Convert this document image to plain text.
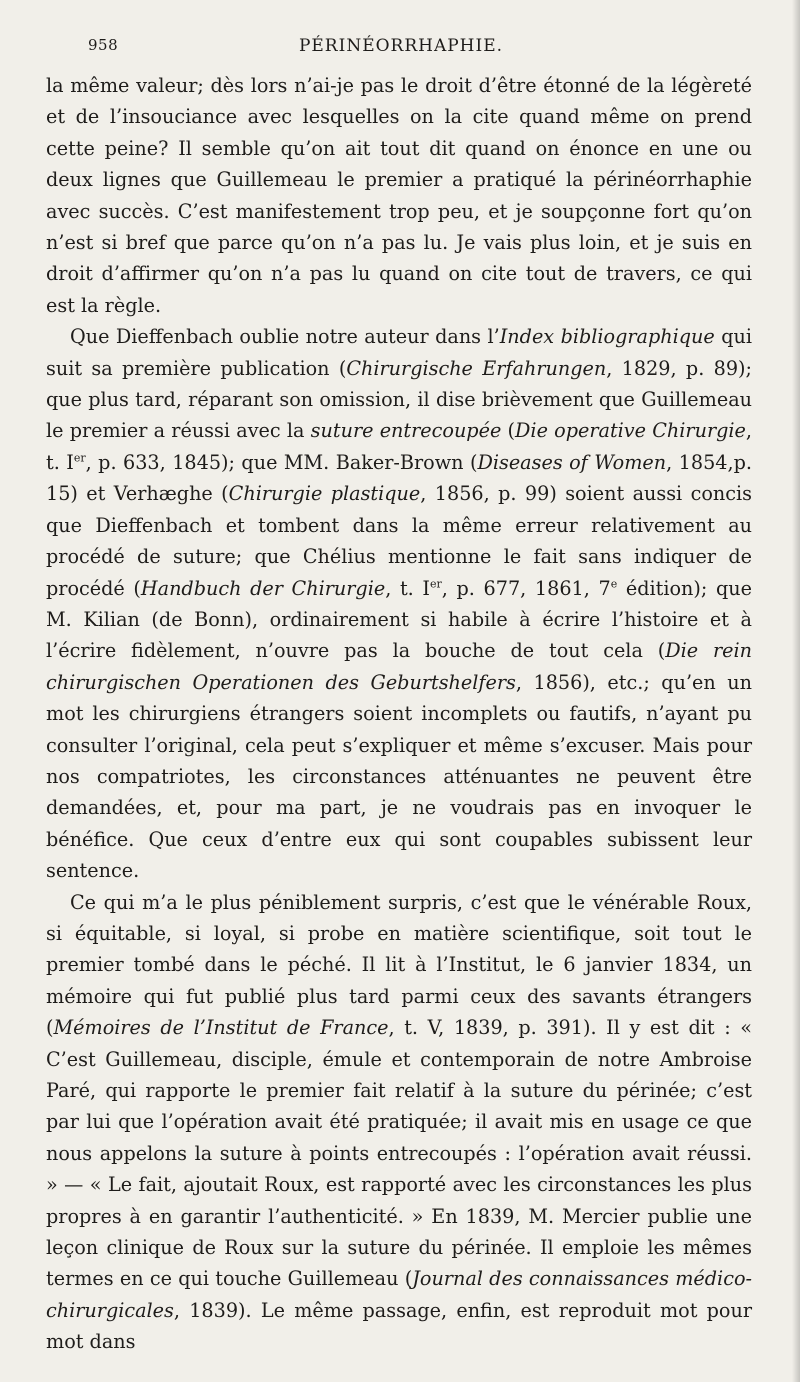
958	PÉRINÉORRHAPHIE.

la même valeur; dès lors n’ai-je pas le droit d’être étonné de la légèreté et de l’insouciance avec lesquelles on la cite quand même on prend cette peine? Il semble qu’on ait tout dit quand on énonce en une ou deux lignes que Guillemeau le premier a pratiqué la périnéorrhaphie avec succès. C’est manifestement trop peu, et je soupçonne fort qu’on n’est si bref que parce qu’on n’a pas lu. Je vais plus loin, et je suis en droit d’affirmer qu’on n’a pas lu quand on cite tout de travers, ce qui est la règle.

Que Dieffenbach oublie notre auteur dans l’Index bibliographique qui suit sa première publication (Chirurgische Erfahrungen, 1829, p. 89); que plus tard, réparant son omission, il dise brièvement que Guillemeau le premier a réussi avec la suture entrecoupée (Die operative Chirurgie, t. Ier, p. 633, 1845); que MM. Baker-Brown (Diseases of Women, 1854,p. 15) et Verhæghe (Chirurgie plastique, 1856, p. 99) soient aussi concis que Dieffenbach et tombent dans la même erreur relativement au procédé de suture; que Chélius mentionne le fait sans indiquer de procédé (Handbuch der Chirurgie, t. Ier, p. 677, 1861, 7e édition); que M. Kilian (de Bonn), ordinairement si habile à écrire l’histoire et à l’écrire fidèlement, n’ouvre pas la bouche de tout cela (Die rein chirurgischen Operationen des Geburtshelfers, 1856), etc.; qu’en un mot les chirurgiens étrangers soient incomplets ou fautifs, n’ayant pu consulter l’original, cela peut s’expliquer et même s’excuser. Mais pour nos compatriotes, les circonstances atténuantes ne peuvent être demandées, et, pour ma part, je ne voudrais pas en invoquer le bénéfice. Que ceux d’entre eux qui sont coupables subissent leur sentence.

Ce qui m’a le plus péniblement surpris, c’est que le vénérable Roux, si équitable, si loyal, si probe en matière scientifique, soit tout le premier tombé dans le péché. Il lit à l’Institut, le 6 janvier 1834, un mémoire qui fut publié plus tard parmi ceux des savants étrangers (Mémoires de l’Institut de France, t. V, 1839, p. 391). Il y est dit : « C’est Guillemeau, disciple, émule et contemporain de notre Ambroise Paré, qui rapporte le premier fait relatif à la suture du périnée; c’est par lui que l’opération avait été pratiquée; il avait mis en usage ce que nous appelons la suture à points entrecoupés : l’opération avait réussi. » — « Le fait, ajoutait Roux, est rapporté avec les circonstances les plus propres à en garantir l’authenticité. » En 1839, M. Mercier publie une leçon clinique de Roux sur la suture du périnée. Il emploie les mêmes termes en ce qui touche Guillemeau (Journal des connaissances médico-chirurgicales, 1839). Le même passage, enfin, est reproduit mot pour mot dans
